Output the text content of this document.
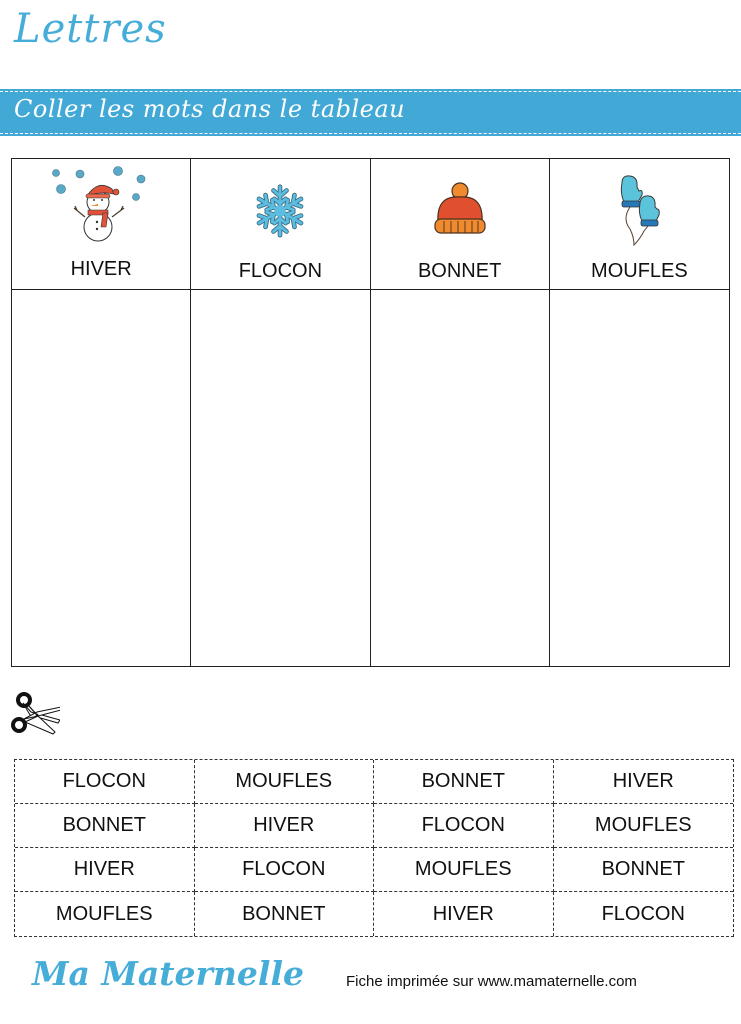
Lettres
Coller les mots dans le tableau
HIVER	FLOCON	BONNET	MOUFLES
FLOCON	MOUFLES	BONNET	HIVER
BONNET	HIVER	FLOCON	MOUFLES
HIVER	FLOCON	MOUFLES	BONNET
MOUFLES	BONNET	HIVER	FLOCON
Ma Maternelle	Fiche imprimée sur www.mamaternelle.com
